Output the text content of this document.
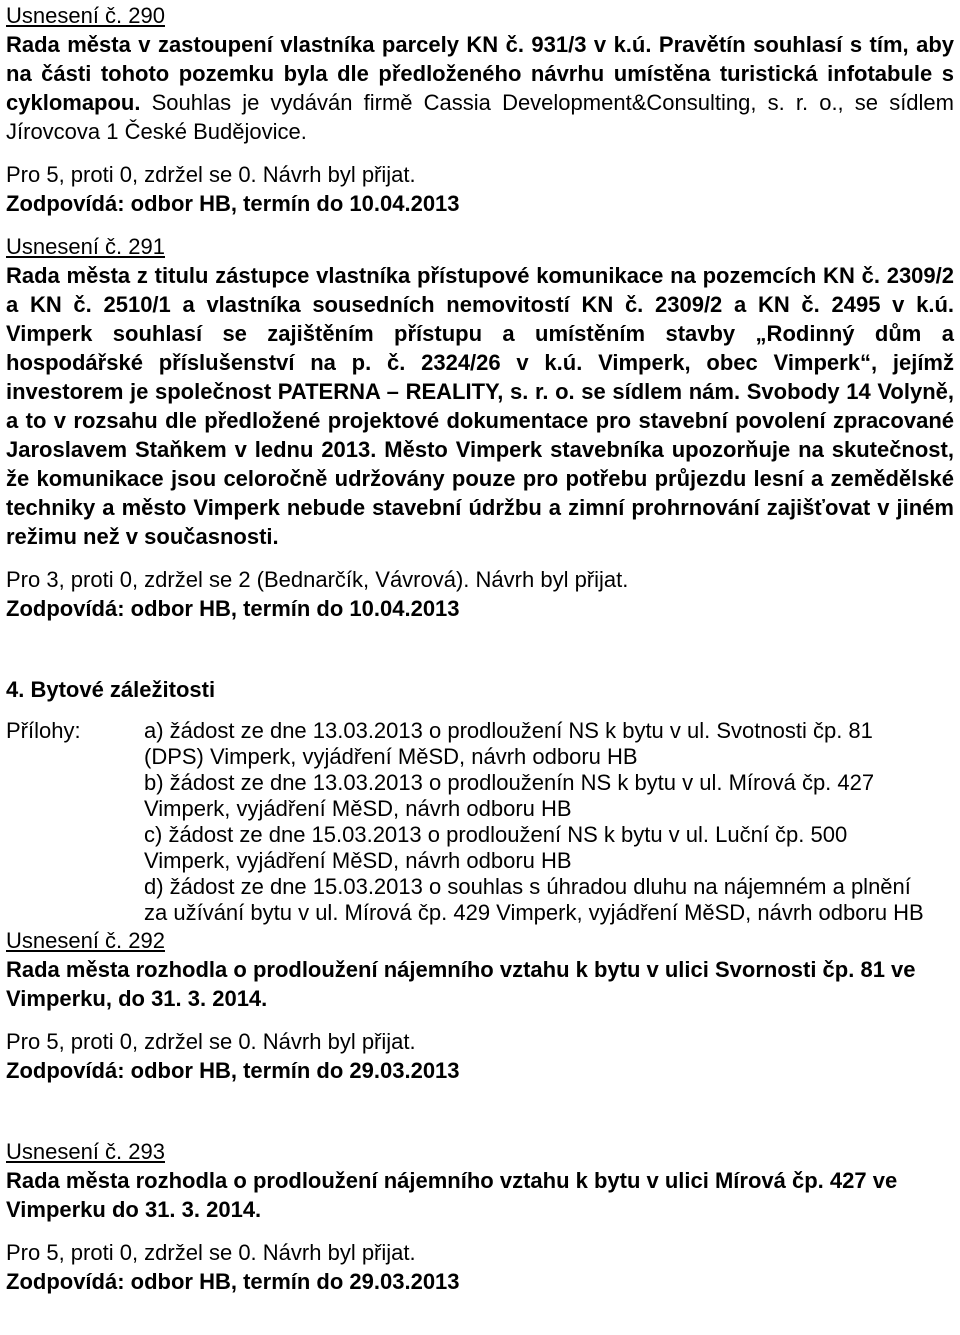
Usnesení č. 290

Rada města v zastoupení vlastníka parcely KN č. 931/3 v k.ú. Pravětín souhlasí s tím, aby na části tohoto pozemku byla dle předloženého návrhu umístěna turistická infotabule s cyklomapou. Souhlas je vydáván firmě Cassia Development&Consulting, s. r. o., se sídlem Jírovcova 1 České Budějovice.

Pro 5, proti 0, zdržel se 0. Návrh byl přijat.

Zodpovídá: odbor HB, termín do 10.04.2013

Usnesení č. 291

Rada města z titulu zástupce vlastníka přístupové komunikace na pozemcích KN č. 2309/2 a KN č. 2510/1 a vlastníka sousedních nemovitostí KN č. 2309/2 a KN č. 2495 v k.ú. Vimperk souhlasí se zajištěním přístupu a umístěním stavby „Rodinný dům a hospodářské příslušenství na p. č. 2324/26 v k.ú. Vimperk, obec Vimperk“, jejímž investorem je společnost PATERNA – REALITY, s. r. o. se sídlem nám. Svobody 14 Volyně, a to v rozsahu dle předložené projektové dokumentace pro stavební povolení zpracované Jaroslavem Staňkem v lednu 2013. Město Vimperk stavebníka upozorňuje na skutečnost, že komunikace jsou celoročně udržovány pouze pro potřebu průjezdu lesní a zemědělské techniky a město Vimperk nebude stavební údržbu a zimní prohrnování zajišťovat v jiném režimu než v současnosti.

Pro 3, proti 0, zdržel se 2 (Bednarčík, Vávrová). Návrh byl přijat.

Zodpovídá: odbor HB, termín do 10.04.2013

4. Bytové záležitosti

Přílohy:	a) žádost ze dne 13.03.2013 o prodloužení NS k bytu v ul. Svotnosti čp. 81 (DPS) Vimperk, vyjádření MěSD, návrh odboru HB

b) žádost ze dne 13.03.2013 o prodlouženín NS k bytu v ul. Mírová čp. 427 Vimperk, vyjádření MěSD, návrh odboru HB

c) žádost ze dne 15.03.2013 o prodloužení NS k bytu v ul. Luční čp. 500 Vimperk, vyjádření MěSD, návrh odboru HB

d) žádost ze dne 15.03.2013 o souhlas s úhradou dluhu na nájemném a plnění za užívání bytu v ul. Mírová čp. 429 Vimperk, vyjádření MěSD, návrh odboru HB

Usnesení č. 292

Rada města rozhodla o prodloužení nájemního vztahu k bytu v ulici Svornosti čp. 81 ve Vimperku, do 31. 3. 2014.

Pro 5, proti 0, zdržel se 0. Návrh byl přijat.

Zodpovídá: odbor HB, termín do 29.03.2013

Usnesení č. 293

Rada města rozhodla o prodloužení nájemního vztahu k bytu v ulici Mírová čp. 427 ve Vimperku do 31. 3. 2014.

Pro 5, proti 0, zdržel se 0. Návrh byl přijat.

Zodpovídá: odbor HB, termín do 29.03.2013
